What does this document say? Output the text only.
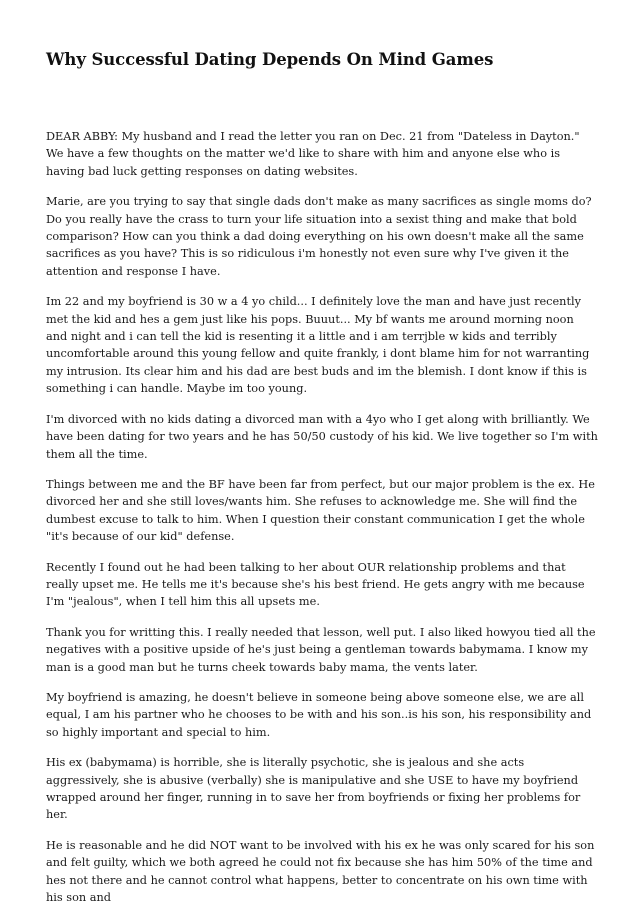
Why Successful Dating Depends On Mind Games

DEAR ABBY: My husband and I read the letter you ran on Dec. 21 from "Dateless in Dayton." We have a few thoughts on the matter we'd like to share with him and anyone else who is having bad luck getting responses on dating websites.

Marie, are you trying to say that single dads don't make as many sacrifices as single moms do? Do you really have the crass to turn your life situation into a sexist thing and make that bold comparison? How can you think a dad doing everything on his own doesn't make all the same sacrifices as you have? This is so ridiculous i'm honestly not even sure why I've given it the attention and response I have.

Im 22 and my boyfriend is 30 w a 4 yo child... I definitely love the man and have just recently met the kid and hes a gem just like his pops. Buuut... My bf wants me around morning noon and night and i can tell the kid is resenting it a little and i am terrjble w kids and terribly uncomfortable around this young fellow and quite frankly, i dont blame him for not warranting my intrusion. Its clear him and his dad are best buds and im the blemish. I dont know if this is something i can handle. Maybe im too young.

I'm divorced with no kids dating a divorced man with a 4yo who I get along with brilliantly. We have been dating for two years and he has 50/50 custody of his kid. We live together so I'm with them all the time.

Things between me and the BF have been far from perfect, but our major problem is the ex. He divorced her and she still loves/wants him. She refuses to acknowledge me. She will find the dumbest excuse to talk to him. When I question their constant communication I get the whole "it's because of our kid" defense.

Recently I found out he had been talking to her about OUR relationship problems and that really upset me. He tells me it's because she's his best friend. He gets angry with me because I'm "jealous", when I tell him this all upsets me.

Thank you for writting this. I really needed that lesson, well put. I also liked howyou tied all the negatives with a positive upside of he's just being a gentleman towards babymama. I know my man is a good man but he turns cheek towards baby mama, the vents later.

My boyfriend is amazing, he doesn't believe in someone being above someone else, we are all equal, I am his partner who he chooses to be with and his son..is his son, his responsibility and so highly important and special to him.

His ex (babymama) is horrible, she is literally psychotic, she is jealous and she acts aggressively, she is abusive (verbally) she is manipulative and she USE to have my boyfriend wrapped around her finger, running in to save her from boyfriends or fixing her problems for her.

He is reasonable and he did NOT want to be involved with his ex he was only scared for his son and felt guilty, which we both agreed he could not fix because she has him 50% of the time and hes not there and he cannot control what happens, better to concentrate on his own time with his son and
